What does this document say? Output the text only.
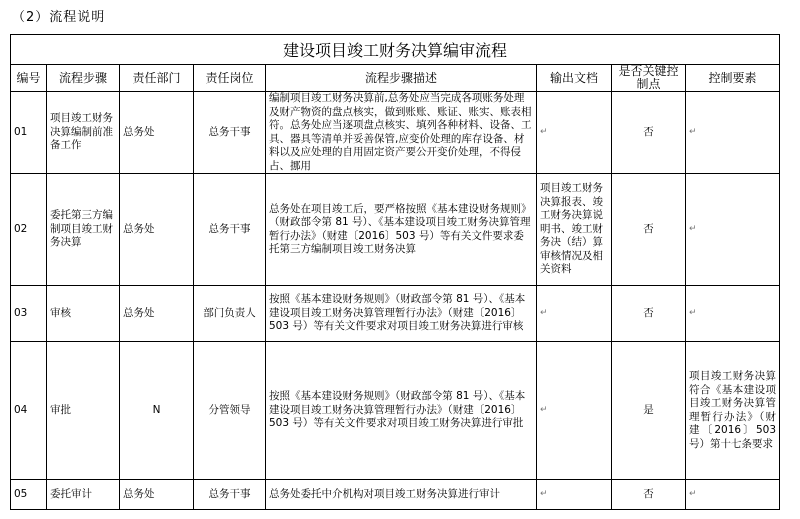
（2）流程说明
建设项目竣工财务决算编审流程							
编号	流程步骤	责任部门	责任岗位	流程步骤描述	输出文档	是否关键控制点	控制要素
01	项目竣工财务决算编制前准备工作	总务处	总务干事	编制项目竣工财务决算前,总务处应当完成各项账务处理及财产物资的盘点核实，做到账账、账证、账实、账表相符。总务处应当逐项盘点核实、填列各种材料、设备、工具、器具等清单并妥善保管,应变价处理的库存设备、材料以及应处理的自用固定资产要公开变价处理，不得侵占、挪用	↵	否	↵
02	委托第三方编制项目竣工财务决算	总务处	总务干事	总务处在项目竣工后，要严格按照《基本建设财务规则》（财政部令第 81 号）、《基本建设项目竣工财务决算管理暂行办法》（财建〔2016〕503 号）等有关文件要求委托第三方编制项目竣工财务决算	项目竣工财务决算报表、竣工财务决算说明书、竣工财务决（结）算审核情况及相关资料	否	↵
03	审核	总务处	部门负责人	按照《基本建设财务规则》（财政部令第 81 号）、《基本建设项目竣工财务决算管理暂行办法》（财建〔2016〕503 号）等有关文件要求对项目竣工财务决算进行审核	↵	否	↵
04	审批	N	分管领导	按照《基本建设财务规则》（财政部令第 81 号）、《基本建设项目竣工财务决算管理暂行办法》（财建〔2016〕503 号）等有关文件要求对项目竣工财务决算进行审批	↵	是	项目竣工财务决算符合《基本建设项目竣工财务决算管理暂行办法》（财建〔2016〕503号）第十七条要求
05	委托审计	总务处	总务干事	总务处委托中介机构对项目竣工财务决算进行审计	↵	否	↵
